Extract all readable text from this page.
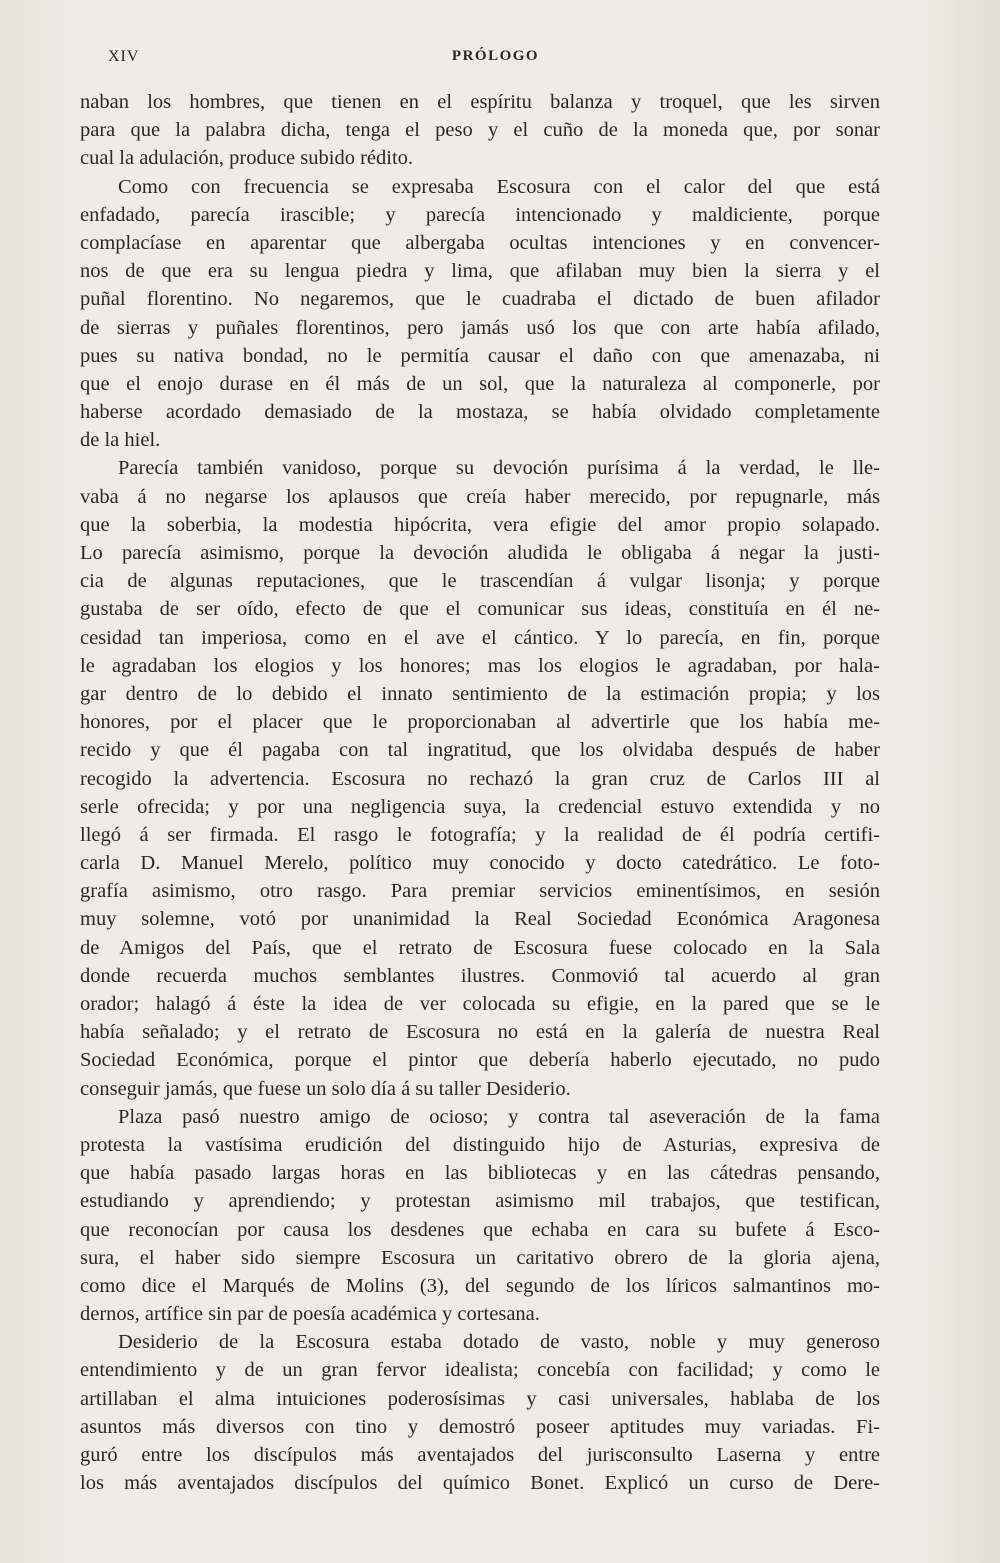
XIV	PRÓLOGO
naban los hombres, que tienen en el espíritu balanza y troquel, que les sirven
para que la palabra dicha, tenga el peso y el cuño de la moneda que, por sonar
cual la adulación, produce subido rédito.
Como con frecuencia se expresaba Escosura con el calor del que está
enfadado, parecía irascible; y parecía intencionado y maldiciente, porque
complacíase en aparentar que albergaba ocultas intenciones y en convencer-
nos de que era su lengua piedra y lima, que afilaban muy bien la sierra y el
puñal florentino. No negaremos, que le cuadraba el dictado de buen afilador
de sierras y puñales florentinos, pero jamás usó los que con arte había afilado,
pues su nativa bondad, no le permitía causar el daño con que amenazaba, ni
que el enojo durase en él más de un sol, que la naturaleza al componerle, por
haberse acordado demasiado de la mostaza, se había olvidado completamente
de la hiel.
Parecía también vanidoso, porque su devoción purísima á la verdad, le lle-
vaba á no negarse los aplausos que creía haber merecido, por repugnarle, más
que la soberbia, la modestia hipócrita, vera efigie del amor propio solapado.
Lo parecía asimismo, porque la devoción aludida le obligaba á negar la justi-
cia de algunas reputaciones, que le trascendían á vulgar lisonja; y porque
gustaba de ser oído, efecto de que el comunicar sus ideas, constituía en él ne-
cesidad tan imperiosa, como en el ave el cántico. Y lo parecía, en fin, porque
le agradaban los elogios y los honores; mas los elogios le agradaban, por hala-
gar dentro de lo debido el innato sentimiento de la estimación propia; y los
honores, por el placer que le proporcionaban al advertirle que los había me-
recido y que él pagaba con tal ingratitud, que los olvidaba después de haber
recogido la advertencia. Escosura no rechazó la gran cruz de Carlos III al
serle ofrecida; y por una negligencia suya, la credencial estuvo extendida y no
llegó á ser firmada. El rasgo le fotografía; y la realidad de él podría certifi-
carla D. Manuel Merelo, político muy conocido y docto catedrático. Le foto-
grafía asimismo, otro rasgo. Para premiar servicios eminentísimos, en sesión
muy solemne, votó por unanimidad la Real Sociedad Económica Aragonesa
de Amigos del País, que el retrato de Escosura fuese colocado en la Sala
donde recuerda muchos semblantes ilustres. Conmovió tal acuerdo al gran
orador; halagó á éste la idea de ver colocada su efigie, en la pared que se le
había señalado; y el retrato de Escosura no está en la galería de nuestra Real
Sociedad Económica, porque el pintor que debería haberlo ejecutado, no pudo
conseguir jamás, que fuese un solo día á su taller Desiderio.
Plaza pasó nuestro amigo de ocioso; y contra tal aseveración de la fama
protesta la vastísima erudición del distinguido hijo de Asturias, expresiva de
que había pasado largas horas en las bibliotecas y en las cátedras pensando,
estudiando y aprendiendo; y protestan asimismo mil trabajos, que testifican,
que reconocían por causa los desdenes que echaba en cara su bufete á Esco-
sura, el haber sido siempre Escosura un caritativo obrero de la gloria ajena,
como dice el Marqués de Molins (3), del segundo de los líricos salmantinos mo-
dernos, artífice sin par de poesía académica y cortesana.
Desiderio de la Escosura estaba dotado de vasto, noble y muy generoso
entendimiento y de un gran fervor idealista; concebía con facilidad; y como le
artillaban el alma intuiciones poderosísimas y casi universales, hablaba de los
asuntos más diversos con tino y demostró poseer aptitudes muy variadas. Fi-
guró entre los discípulos más aventajados del jurisconsulto Laserna y entre
los más aventajados discípulos del químico Bonet. Explicó un curso de Dere-
